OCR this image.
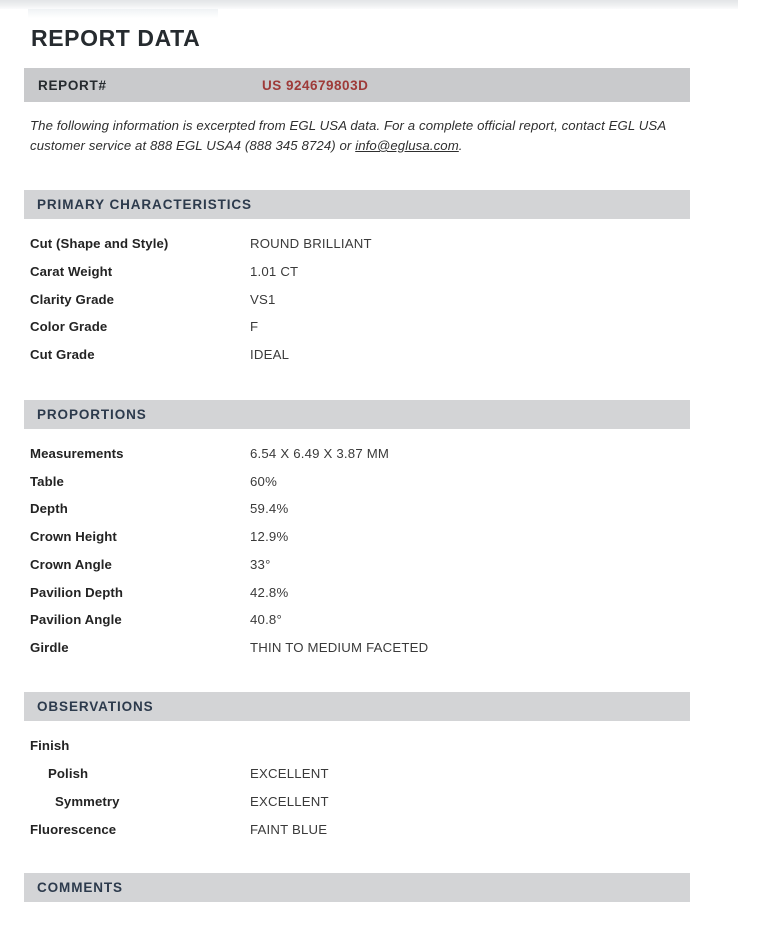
REPORT DATA
REPORT#	US 924679803D
The following information is excerpted from EGL USA data. For a complete official report, contact EGL USA customer service at 888 EGL USA4 (888 345 8724) or info@eglusa.com.
PRIMARY CHARACTERISTICS
Cut (Shape and Style)	ROUND BRILLIANT
Carat Weight	1.01 CT
Clarity Grade	VS1
Color Grade	F
Cut Grade	IDEAL
PROPORTIONS
Measurements	6.54 X 6.49 X 3.87 MM
Table	60%
Depth	59.4%
Crown Height	12.9%
Crown Angle	33°
Pavilion Depth	42.8%
Pavilion Angle	40.8°
Girdle	THIN TO MEDIUM FACETED
OBSERVATIONS
Finish
Polish	EXCELLENT
Symmetry	EXCELLENT
Fluorescence	FAINT BLUE
COMMENTS
